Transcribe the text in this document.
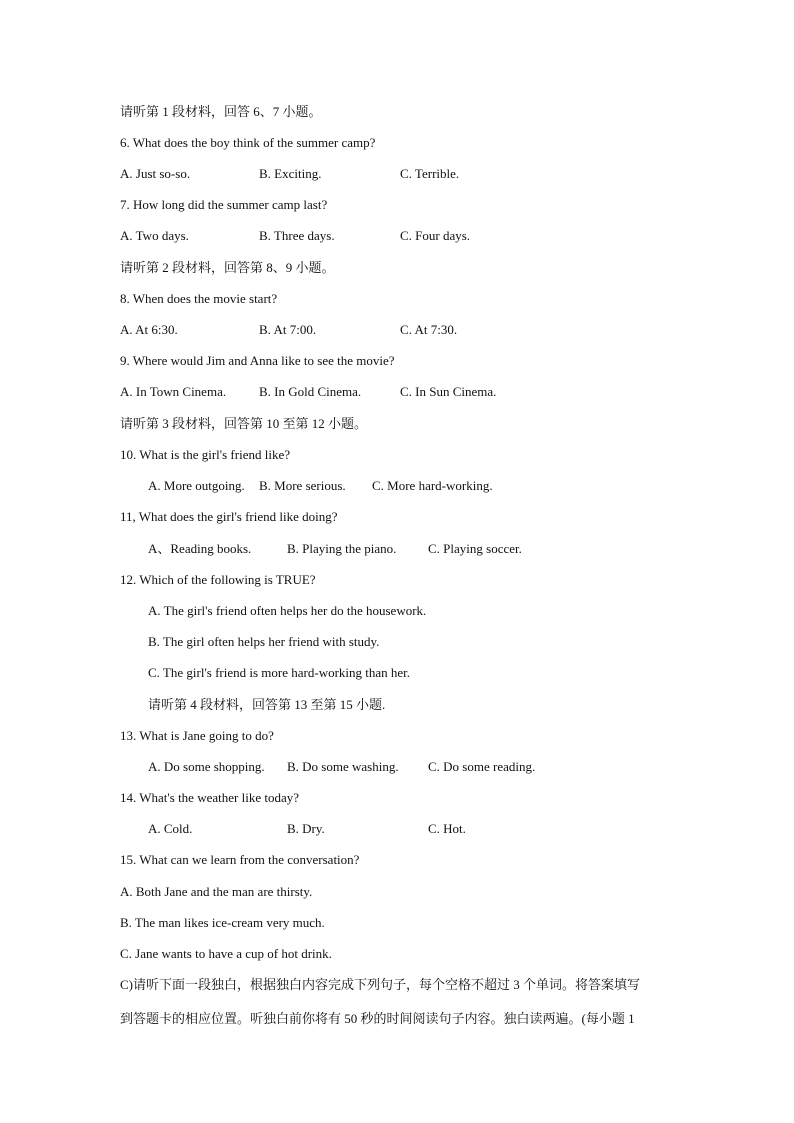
请听第 1 段材料，回答 6、7 小题。
6. What does the boy think of the summer camp?
A. Just so-so.	B. Exciting.	C. Terrible.
7. How long did the summer camp last?
A. Two days.	B. Three days.	C. Four days.
请听第 2 段材料，回答第 8、9 小题。
8. When does the movie start?
A. At 6:30.	B. At 7:00.	C. At 7:30.
9. Where would Jim and Anna like to see the movie?
A. In Town Cinema.	B. In Gold Cinema.	C. In Sun Cinema.
请听第 3 段材料，回答第 10 至第 12 小题。
10. What is the girl's friend like?
A. More outgoing. B. More serious. C. More hard-working.
11, What does the girl's friend like doing?
A、Reading books.	B. Playing the piano. C. Playing soccer.
12. Which of the following is TRUE?
A. The girl's friend often helps her do the housework.
B. The girl often helps her friend with study.
C. The girl's friend is more hard-working than her.
请听第 4 段材料，回答第 13 至第 15 小题.
13. What is Jane going to do?
A. Do some shopping. B. Do some washing. C. Do some reading.
14. What's the weather like today?
A. Cold.	B. Dry.	C. Hot.
15. What can we learn from the conversation?
A. Both Jane and the man are thirsty.
B. The man likes ice-cream very much.
C. Jane wants to have a cup of hot drink.
C)请听下面一段独白，根据独白内容完成下列句子，每个空格不超过 3 个单词。将答案填写
到答题卡的相应位置。听独白前你将有 50 秒的时间阅读句子内容。独白读两遍。(每小题 1
